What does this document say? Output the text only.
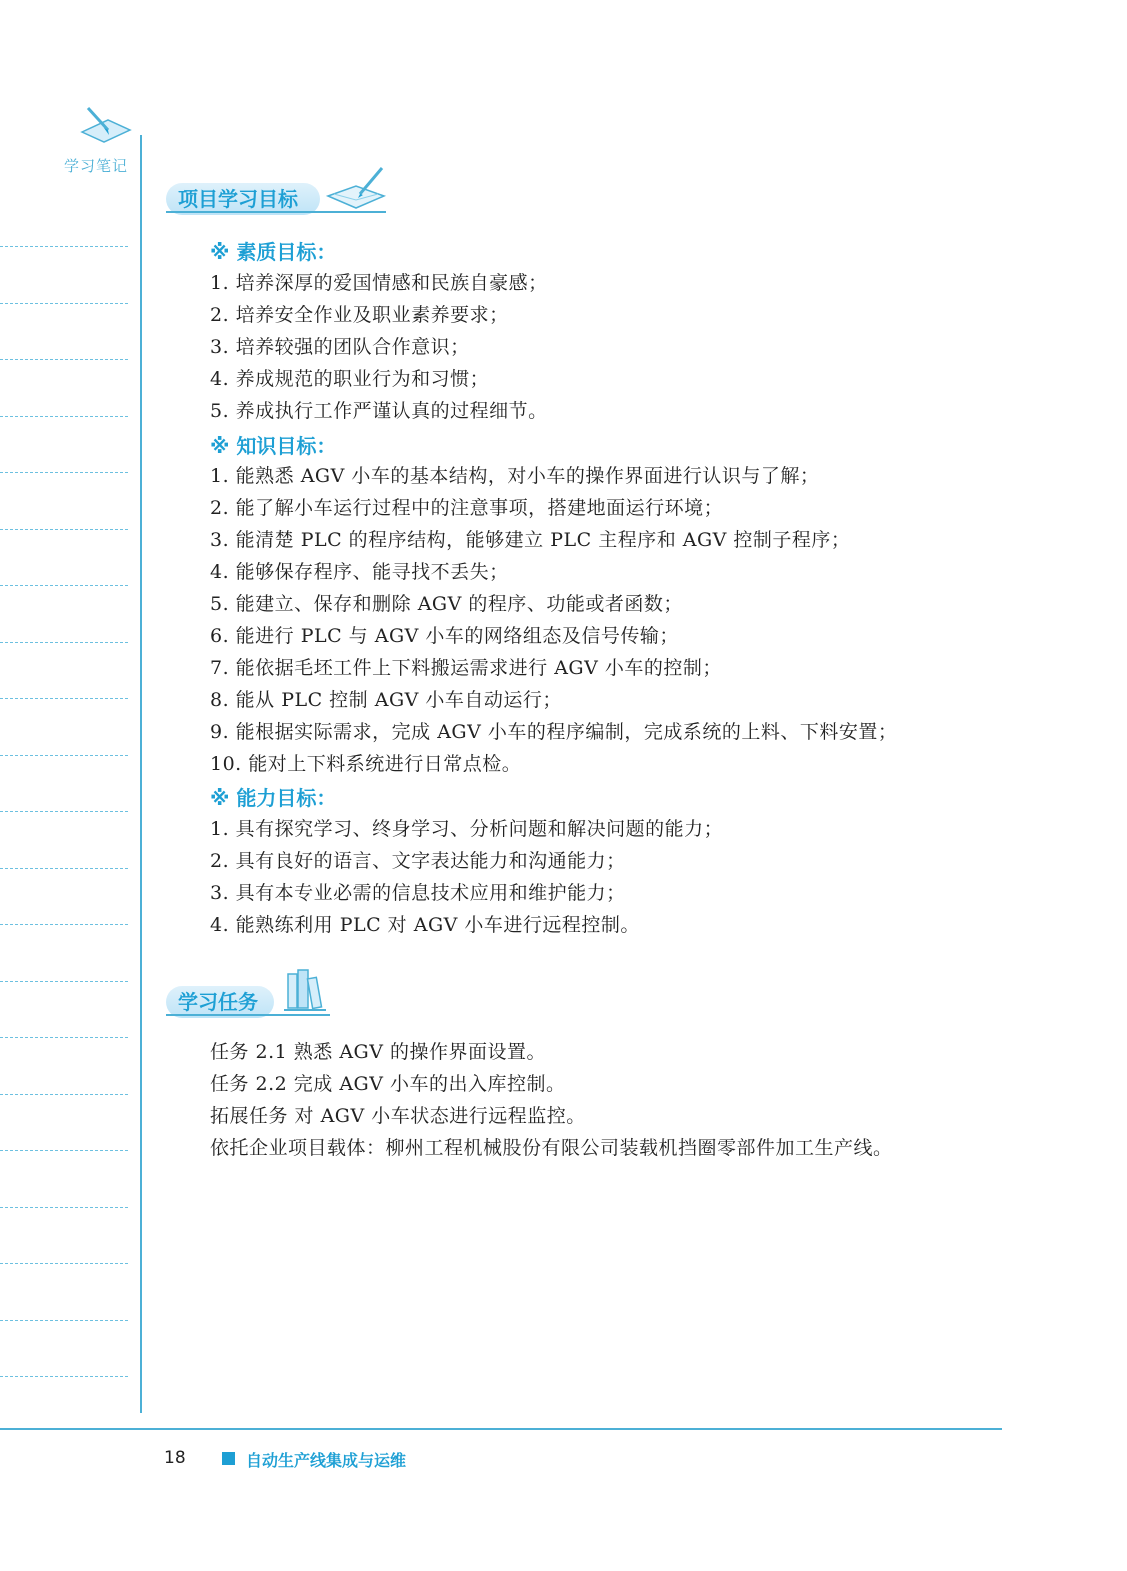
学习笔记
项目学习目标
※ 素质目标：
1. 培养深厚的爱国情感和民族自豪感；
2. 培养安全作业及职业素养要求；
3. 培养较强的团队合作意识；
4. 养成规范的职业行为和习惯；
5. 养成执行工作严谨认真的过程细节。
※ 知识目标：
1. 能熟悉 AGV 小车的基本结构，对小车的操作界面进行认识与了解；
2. 能了解小车运行过程中的注意事项，搭建地面运行环境；
3. 能清楚 PLC 的程序结构，能够建立 PLC 主程序和 AGV 控制子程序；
4. 能够保存程序、能寻找不丢失；
5. 能建立、保存和删除 AGV 的程序、功能或者函数；
6. 能进行 PLC 与 AGV 小车的网络组态及信号传输；
7. 能依据毛坯工件上下料搬运需求进行 AGV 小车的控制；
8. 能从 PLC 控制 AGV 小车自动运行；
9. 能根据实际需求，完成 AGV 小车的程序编制，完成系统的上料、下料安置；
10. 能对上下料系统进行日常点检。
※ 能力目标：
1. 具有探究学习、终身学习、分析问题和解决问题的能力；
2. 具有良好的语言、文字表达能力和沟通能力；
3. 具有本专业必需的信息技术应用和维护能力；
4. 能熟练利用 PLC 对 AGV 小车进行远程控制。
学习任务
任务 2.1 熟悉 AGV 的操作界面设置。
任务 2.2 完成 AGV 小车的出入库控制。
拓展任务 对 AGV 小车状态进行远程监控。
依托企业项目载体：柳州工程机械股份有限公司装载机挡圈零部件加工生产线。
18	自动生产线集成与运维
